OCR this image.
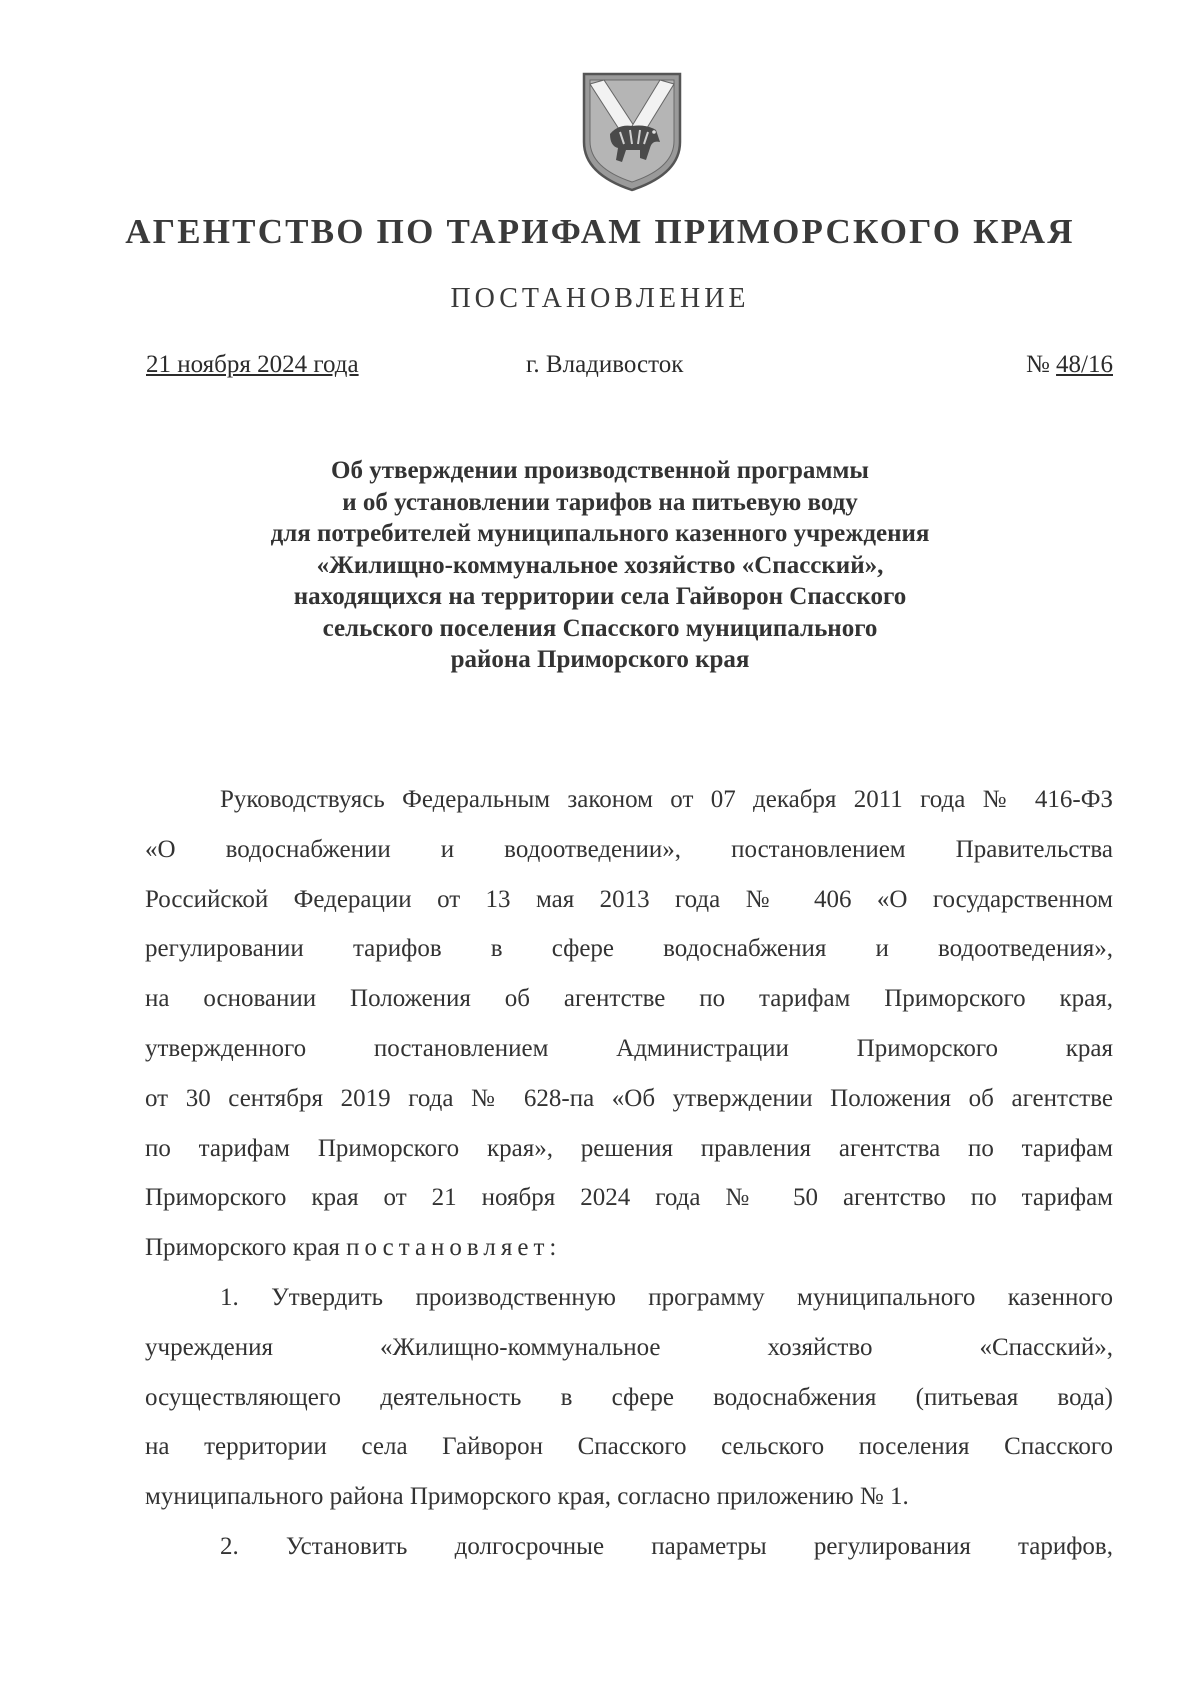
АГЕНТСТВО ПО ТАРИФАМ ПРИМОРСКОГО КРАЯ
ПОСТАНОВЛЕНИЕ
21 ноября 2024 года	г. Владивосток	№ 48/16
Об утверждении производственной программы
и об установлении тарифов на питьевую воду
для потребителей муниципального казенного учреждения
«Жилищно-коммунальное хозяйство «Спасский»,
находящихся на территории села Гайворон Спасского
сельского поселения Спасского муниципального
района Приморского края
Руководствуясь Федеральным законом от 07 декабря 2011 года № 416-ФЗ
«О водоснабжении и водоотведении», постановлением Правительства
Российской Федерации от 13 мая 2013 года № 406 «О государственном
регулировании тарифов в сфере водоснабжения и водоотведения»,
на основании Положения об агентстве по тарифам Приморского края,
утвержденного постановлением Администрации Приморского края
от 30 сентября 2019 года № 628-па «Об утверждении Положения об агентстве
по тарифам Приморского края», решения правления агентства по тарифам
Приморского края от 21 ноября 2024 года № 50 агентство по тарифам
Приморского края постановляет:
1. Утвердить производственную программу муниципального казенного
учреждения «Жилищно-коммунальное хозяйство «Спасский»,
осуществляющего деятельность в сфере водоснабжения (питьевая вода)
на территории села Гайворон Спасского сельского поселения Спасского
муниципального района Приморского края, согласно приложению № 1.
2. Установить долгосрочные параметры регулирования тарифов,
